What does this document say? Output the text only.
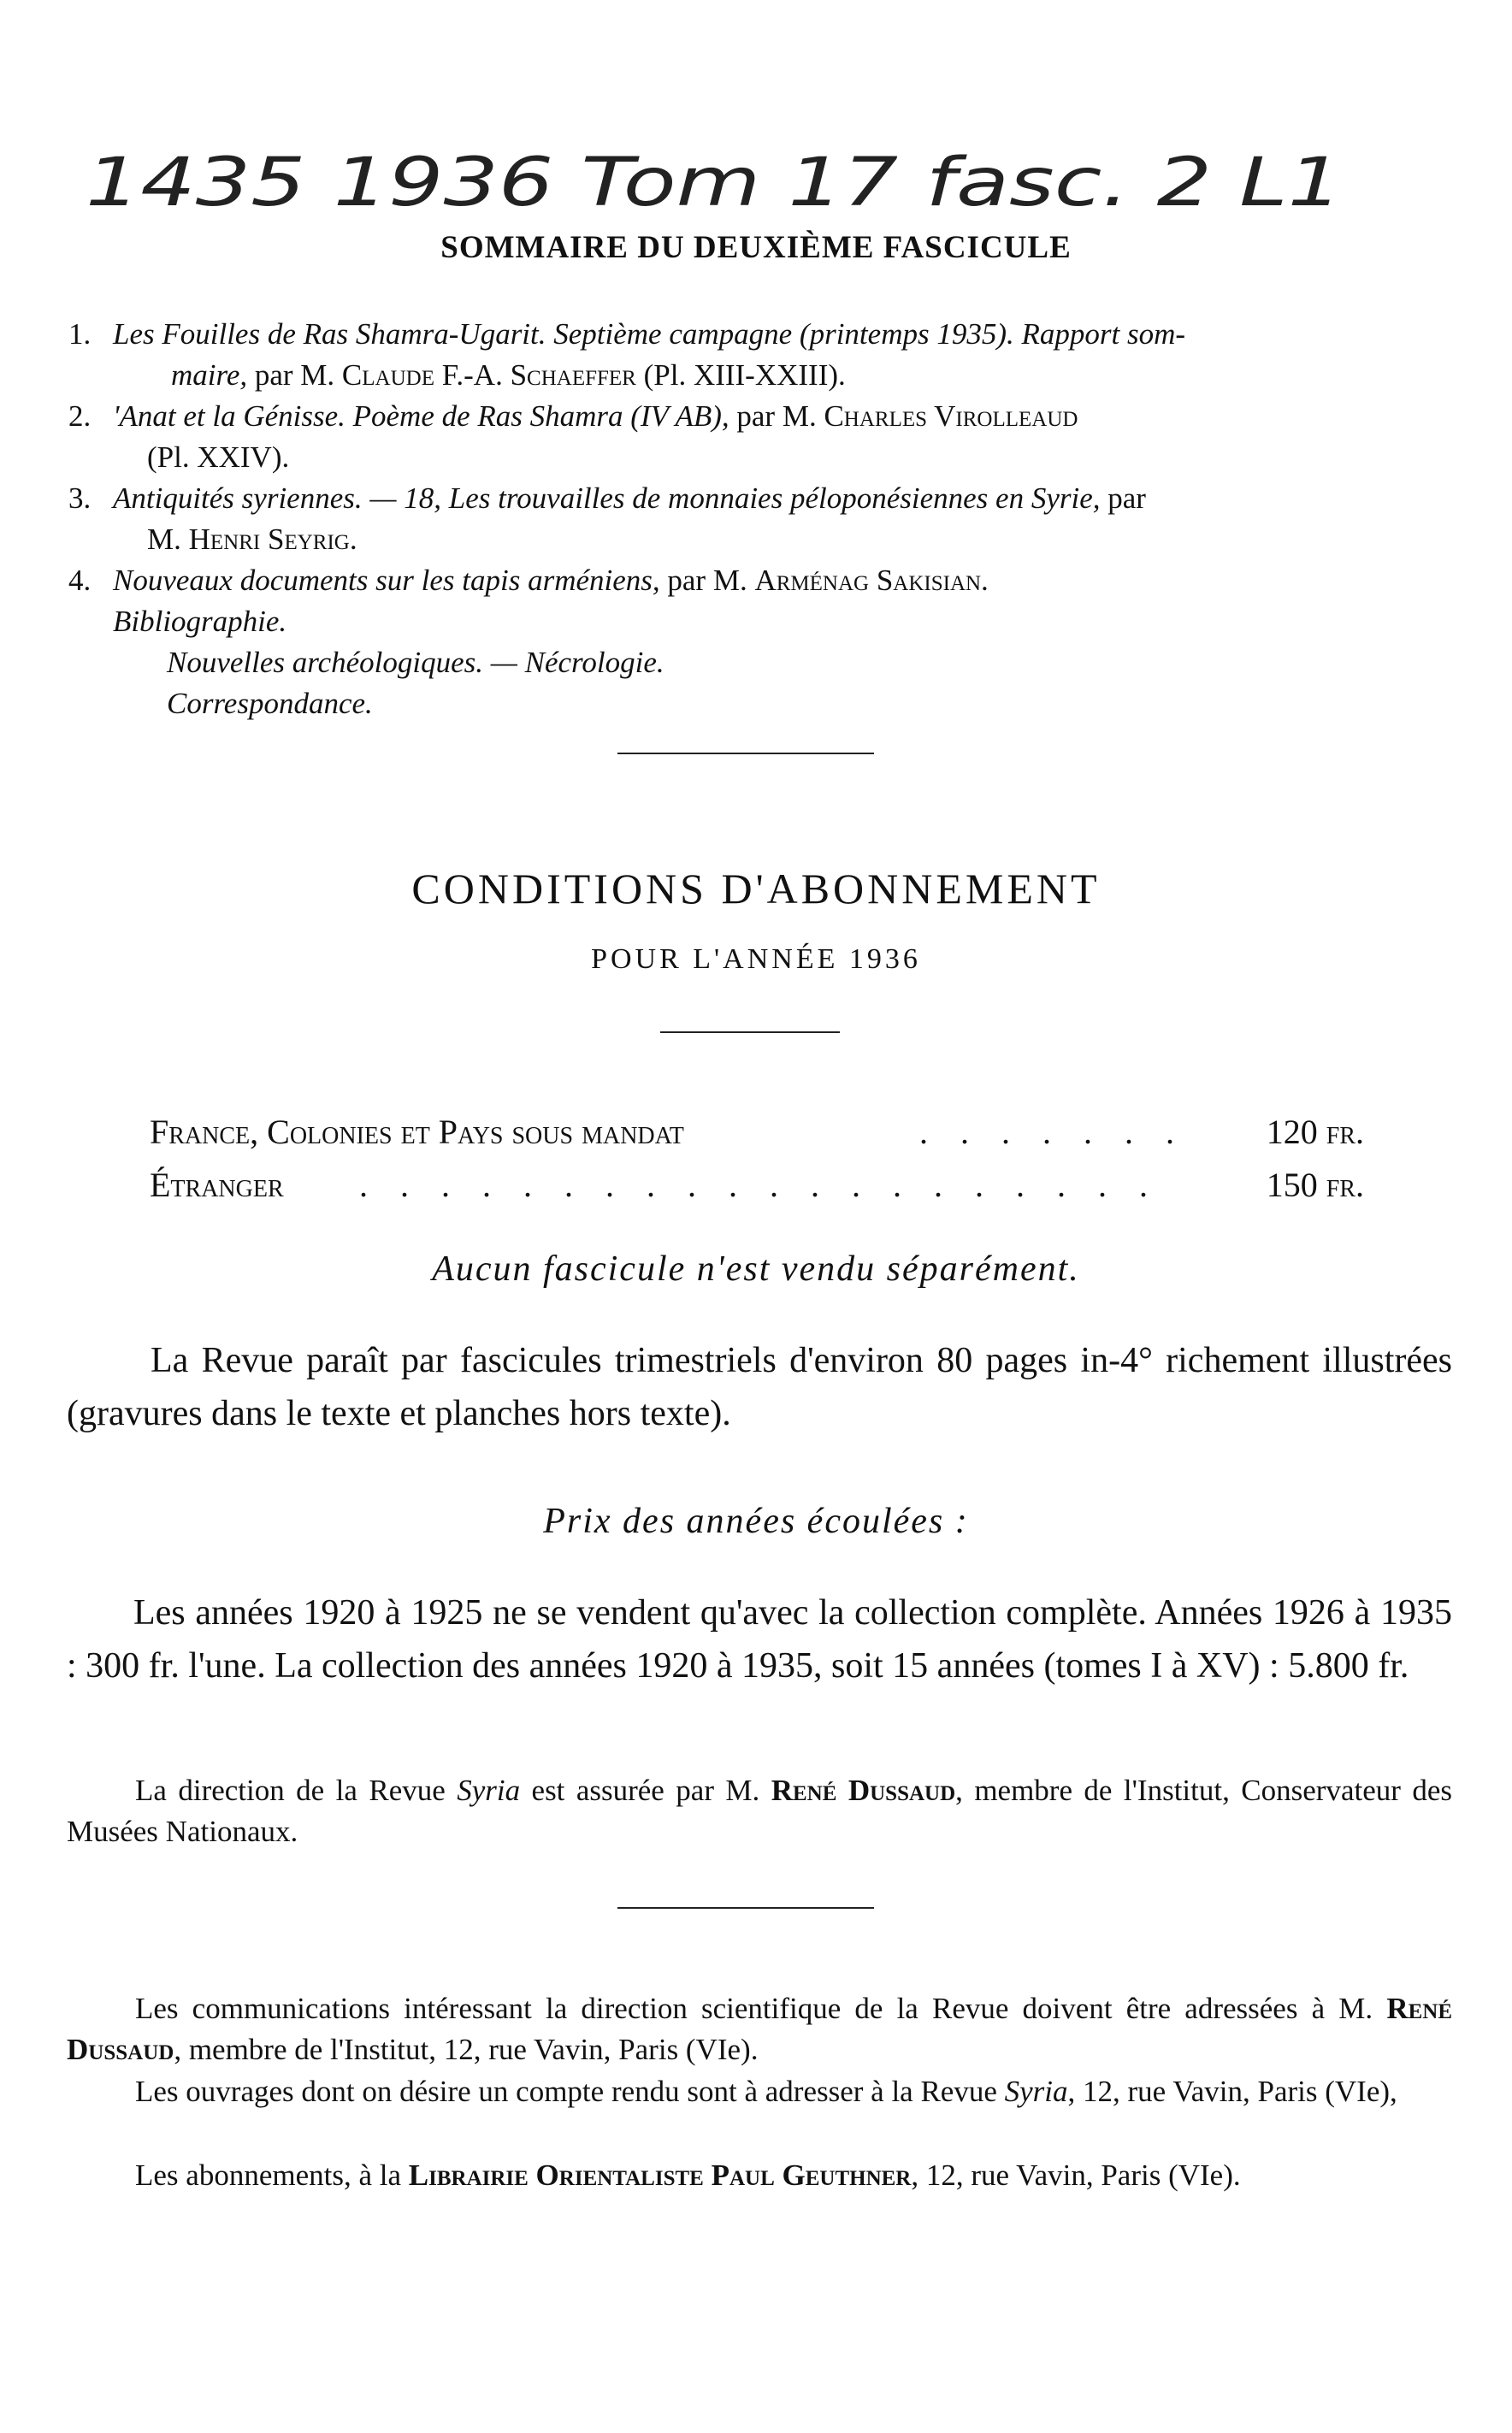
1435 1936 Tom 17 fasc. 2 L1
SOMMAIRE DU DEUXIÈME FASCICULE
1. Les Fouilles de Ras Shamra-Ugarit. Septième campagne (printemps 1935). Rapport som-
maire, par M. Claude F.-A. Schaeffer (Pl. XIII-XXIII).
2. 'Anat et la Génisse. Poème de Ras Shamra (IV AB), par M. Charles Virolleaud
(Pl. XXIV).
3. Antiquités syriennes. — 18, Les trouvailles de monnaies péloponésiennes en Syrie, par
M. Henri Seyrig.
4. Nouveaux documents sur les tapis arméniens, par M. Arménag Sakisian.
Bibliographie.
Nouvelles archéologiques. — Nécrologie.
Correspondance.
CONDITIONS D'ABONNEMENT
POUR L'ANNÉE 1936
France, Colonies et Pays sous mandat	. . . . . . . 120 fr.
Étranger . . . . . . . . . . . . . . . . . . . .	150 fr.
Aucun fascicule n'est vendu séparément.
La Revue paraît par fascicules trimestriels d'environ 80 pages in-4° richement illustrées (gravures dans le texte et planches hors texte).
Prix des années écoulées :
Les années 1920 à 1925 ne se vendent qu'avec la collection complète. Années 1926 à 1935 : 300 fr. l'une. La collection des années 1920 à 1935, soit 15 années (tomes I à XV) : 5.800 fr.
La direction de la Revue Syria est assurée par M. René Dussaud, membre de l'Institut, Conservateur des Musées Nationaux.
Les communications intéressant la direction scientifique de la Revue doivent être adressées à M. René Dussaud, membre de l'Institut, 12, rue Vavin, Paris (VIe).
Les ouvrages dont on désire un compte rendu sont à adresser à la Revue Syria, 12, rue Vavin, Paris (VIe),
Les abonnements, à la Librairie Orientaliste Paul Geuthner, 12, rue Vavin, Paris (VIe).
